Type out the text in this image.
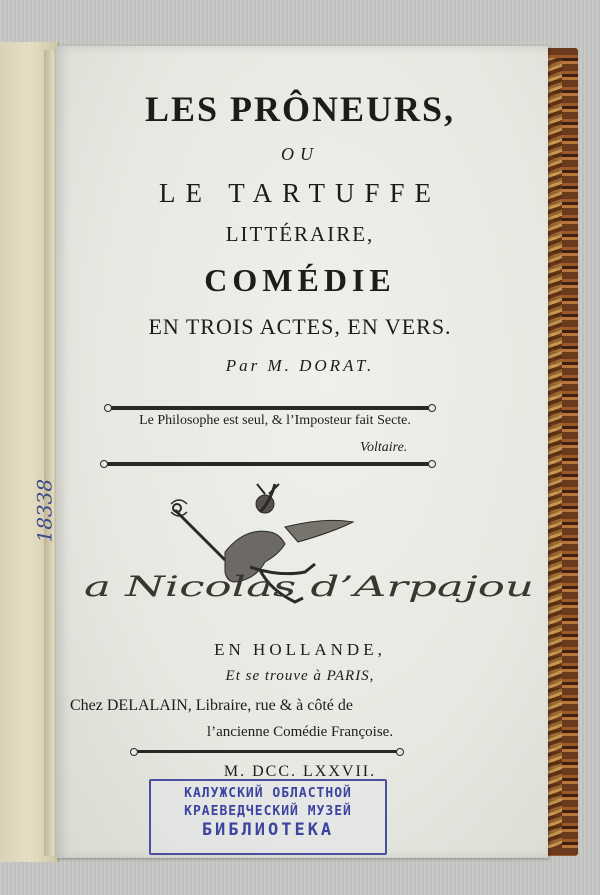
LES PRÔNEURS,
OU
LE TARTUFFE
LITTÉRAIRE,
COMÉDIE
EN TROIS ACTES, EN VERS.
Par M. DORAT.
Le Philosophe est seul, & l’Imposteur fait Secte.
Voltaire.
18338
a Nicolas d’Arpajou
EN HOLLANDE,
Et se trouve à PARIS,
Chez DELALAIN, Libraire, rue & à côté de
l’ancienne Comédie Françoise.
M. DCC. LXXVII.
КАЛУЖСКИЙ ОБЛАСТНОЙ
КРАЕВЕДЧЕСКИЙ МУЗЕЙ
БИБЛИОТЕКА
